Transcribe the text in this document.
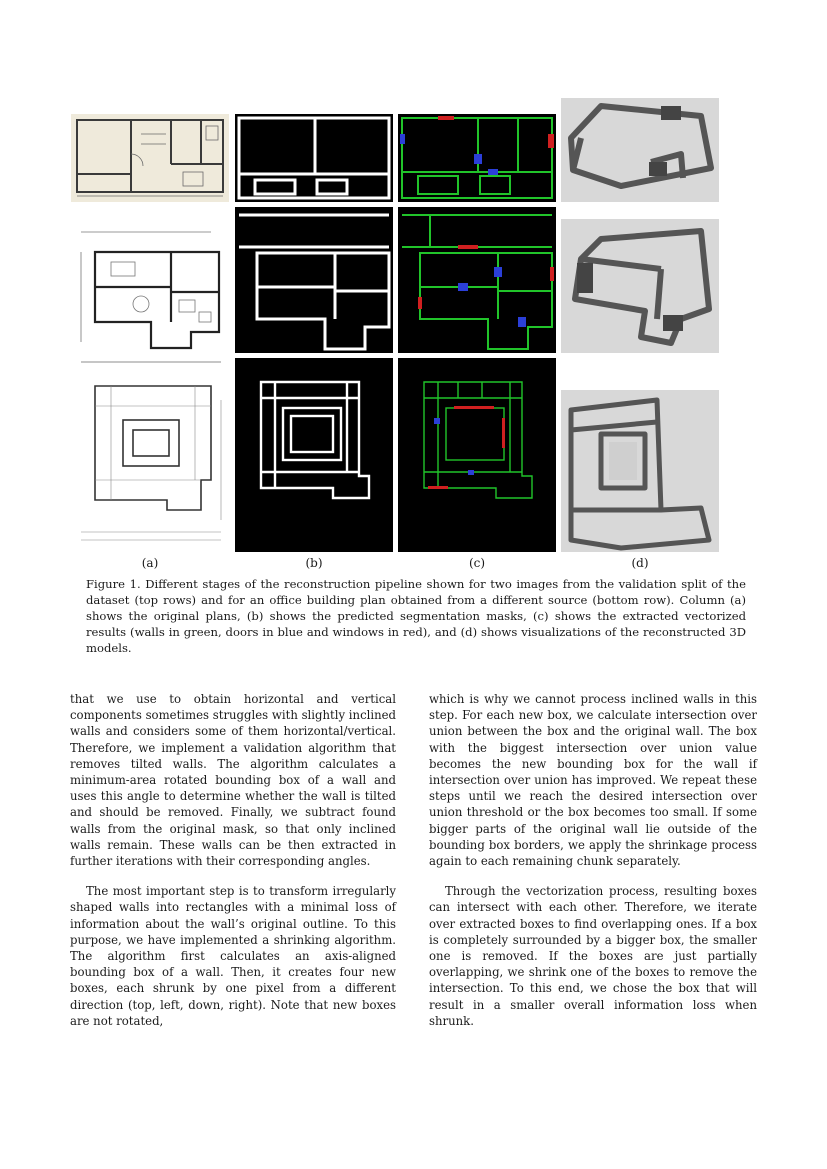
(a)	(b)	(c)	(d)
Figure 1. Different stages of the reconstruction pipeline shown for two images from the validation split of the dataset (top rows) and for an office building plan obtained from a different source (bottom row). Column (a) shows the original plans, (b) shows the predicted segmentation masks, (c) shows the extracted vectorized results (walls in green, doors in blue and windows in red), and (d) shows visualizations of the reconstructed 3D models.

that we use to obtain horizontal and vertical components sometimes struggles with slightly inclined walls and considers some of them horizontal/vertical. Therefore, we implement a validation algorithm that removes tilted walls. The algorithm calculates a minimum-area rotated bounding box of a wall and uses this angle to determine whether the wall is tilted and should be removed. Finally, we subtract found walls from the original mask, so that only inclined walls remain. These walls can be then extracted in further iterations with their corresponding angles.

The most important step is to transform irregularly shaped walls into rectangles with a minimal loss of information about the wall’s original outline. To this purpose, we have implemented a shrinking algorithm. The algorithm first calculates an axis-aligned bounding box of a wall. Then, it creates four new boxes, each shrunk by one pixel from a different direction (top, left, down, right). Note that new boxes are not rotated,

which is why we cannot process inclined walls in this step. For each new box, we calculate intersection over union between the box and the original wall. The box with the biggest intersection over union value becomes the new bounding box for the wall if intersection over union has improved. We repeat these steps until we reach the desired intersection over union threshold or the box becomes too small. If some bigger parts of the original wall lie outside of the bounding box borders, we apply the shrinkage process again to each remaining chunk separately.

Through the vectorization process, resulting boxes can intersect with each other. Therefore, we iterate over extracted boxes to find overlapping ones. If a box is completely surrounded by a bigger box, the smaller one is removed. If the boxes are just partially overlapping, we shrink one of the boxes to remove the intersection. To this end, we chose the box that will result in a smaller overall information loss when shrunk.
